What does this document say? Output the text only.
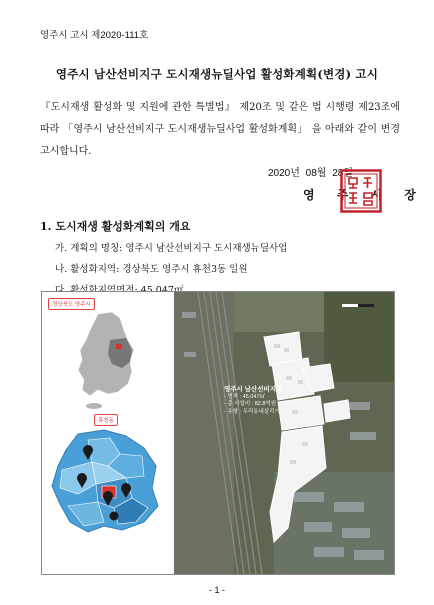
영주시 고시 제2020-111호
영주시 남산선비지구 도시재생뉴딜사업 활성화계획(변경) 고시

『도시재생 활성화 및 지원에 관한 특별법』 제20조 및 같은 법 시행령 제23조에 따라 「영주시 남산선비지구 도시재생뉴딜사업 활성화계획」 을 아래와 같이 변경 고시합니다.

2020년 08월 28일
영 주 시 장
1. 도시재생 활성화계획의 개요
가. 계획의 명칭: 영주시 남산선비지구 도시재생뉴딜사업
나. 활성화지역: 경상북도 영주시 휴천3동 일원
경상북도 영주시
휴천동
영주시 남산선비지구
- 면적 : 45,047㎡
- 총 사업비 : 82.8억원
- 유형 : 우리동네살리기
- 1 -
